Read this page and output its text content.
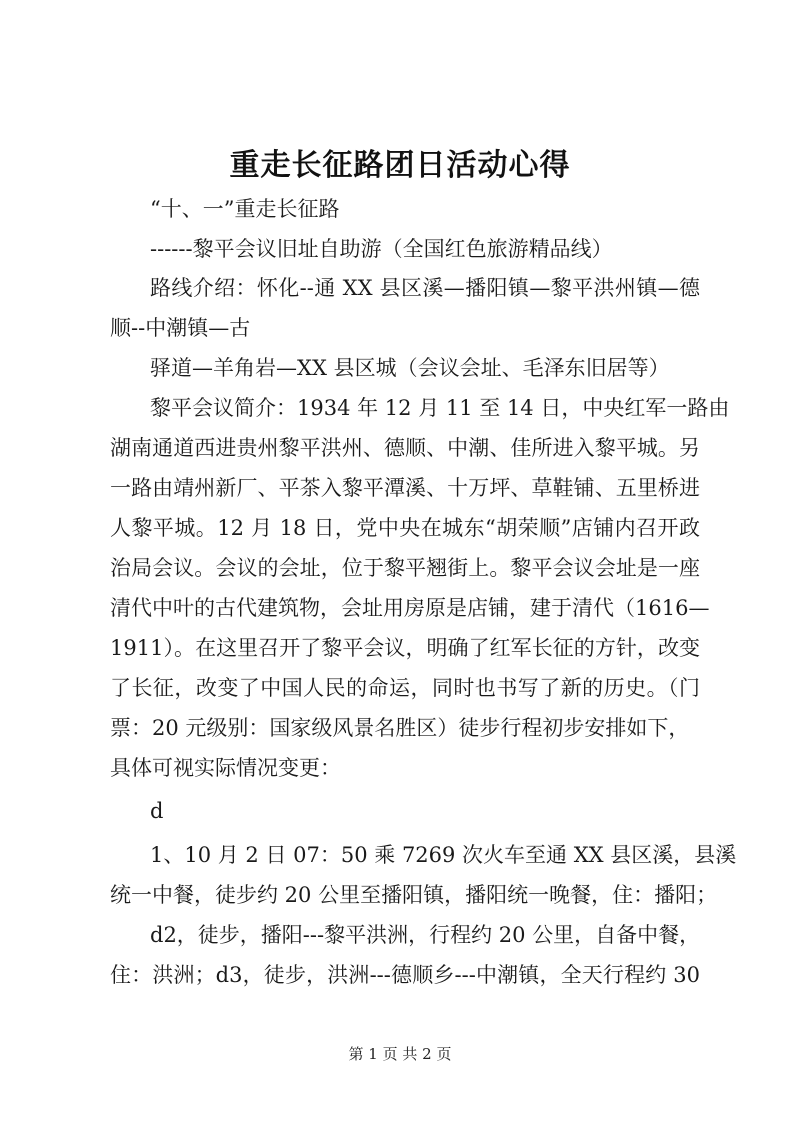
重走长征路团日活动心得
“十、一”重走长征路
------黎平会议旧址自助游（全国红色旅游精品线）
路线介绍：怀化--通 XX 县区溪—播阳镇—黎平洪州镇—德
顺--中潮镇—古
驿道—羊角岩—XX 县区城（会议会址、毛泽东旧居等）
黎平会议简介：1934 年 12 月 11 至 14 日，中央红军一路由
湖南通道西进贵州黎平洪州、德顺、中潮、佳所进入黎平城。另
一路由靖州新厂、平茶入黎平潭溪、十万坪、草鞋铺、五里桥进
人黎平城。12 月 18 日，党中央在城东“胡荣顺”店铺内召开政
治局会议。会议的会址，位于黎平翘街上。黎平会议会址是一座
清代中叶的古代建筑物，会址用房原是店铺，建于清代（1616—
1911）。在这里召开了黎平会议，明确了红军长征的方针，改变
了长征，改变了中国人民的命运，同时也书写了新的历史。（门
票：20 元级别：国家级风景名胜区）徒步行程初步安排如下，
具体可视实际情况变更：
d
1、10 月 2 日 07：50 乘 7269 次火车至通 XX 县区溪，县溪
统一中餐，徒步约 20 公里至播阳镇，播阳统一晚餐，住：播阳；
d2，徒步，播阳---黎平洪洲，行程约 20 公里，自备中餐，
住：洪洲；d3，徒步，洪洲---德顺乡---中潮镇，全天行程约 30
第 1 页 共 2 页
